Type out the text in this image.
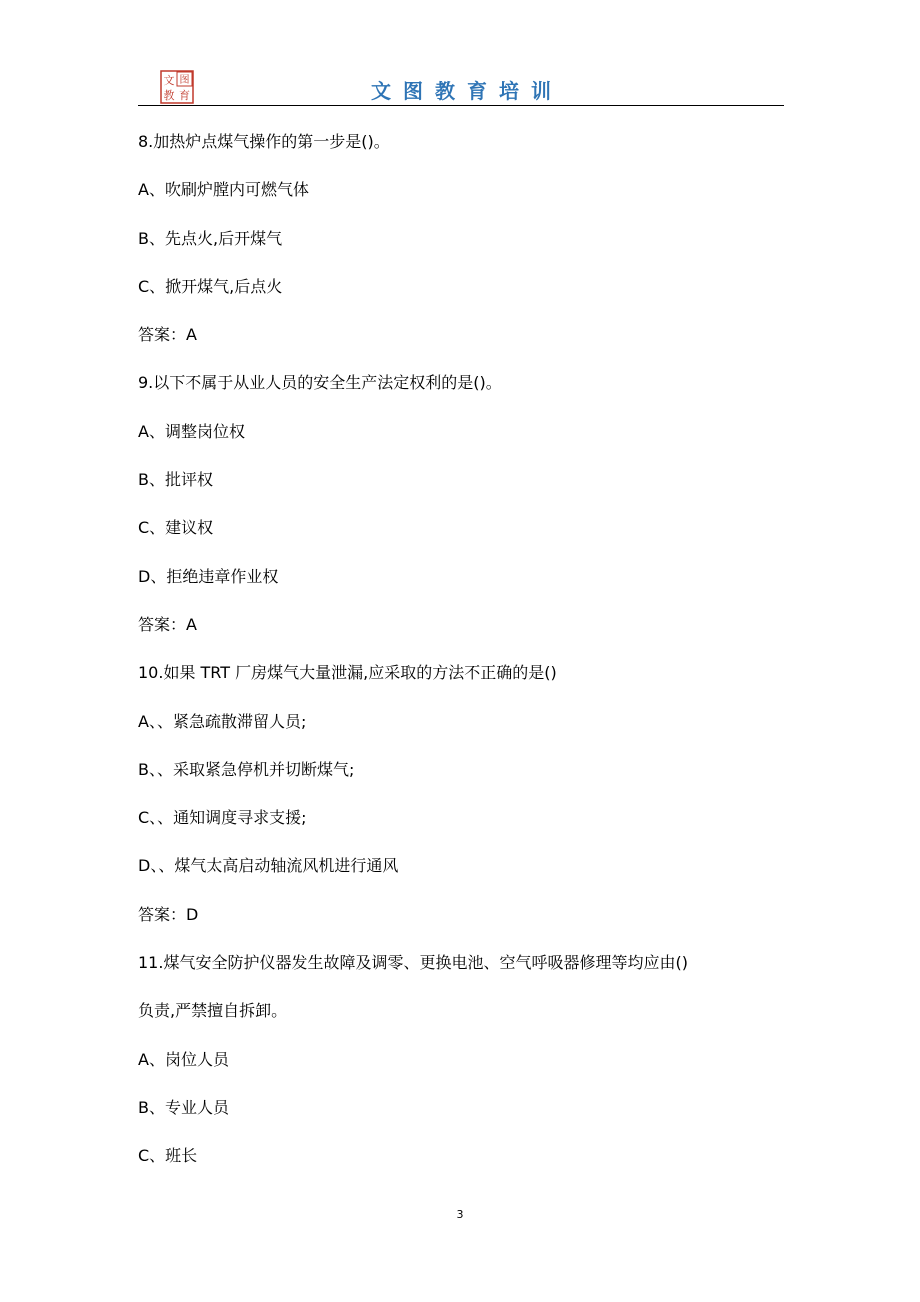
文 图
教 育	文图教育培训
8.加热炉点煤气操作的第一步是()。
A、吹刷炉膛内可燃气体
B、先点火,后开煤气
C、掀开煤气,后点火
答案：A
9.以下不属于从业人员的安全生产法定权利的是()。
A、调整岗位权
B、批评权
C、建议权
D、拒绝违章作业权
答案：A
10.如果 TRT 厂房煤气大量泄漏,应采取的方法不正确的是()
A、、紧急疏散滞留人员;
B、、采取紧急停机并切断煤气;
C、、通知调度寻求支援;
D、、煤气太高启动轴流风机进行通风
答案：D
11.煤气安全防护仪器发生故障及调零、更换电池、空气呼吸器修理等均应由()
负责,严禁擅自拆卸。
A、岗位人员
B、专业人员
C、班长
3
